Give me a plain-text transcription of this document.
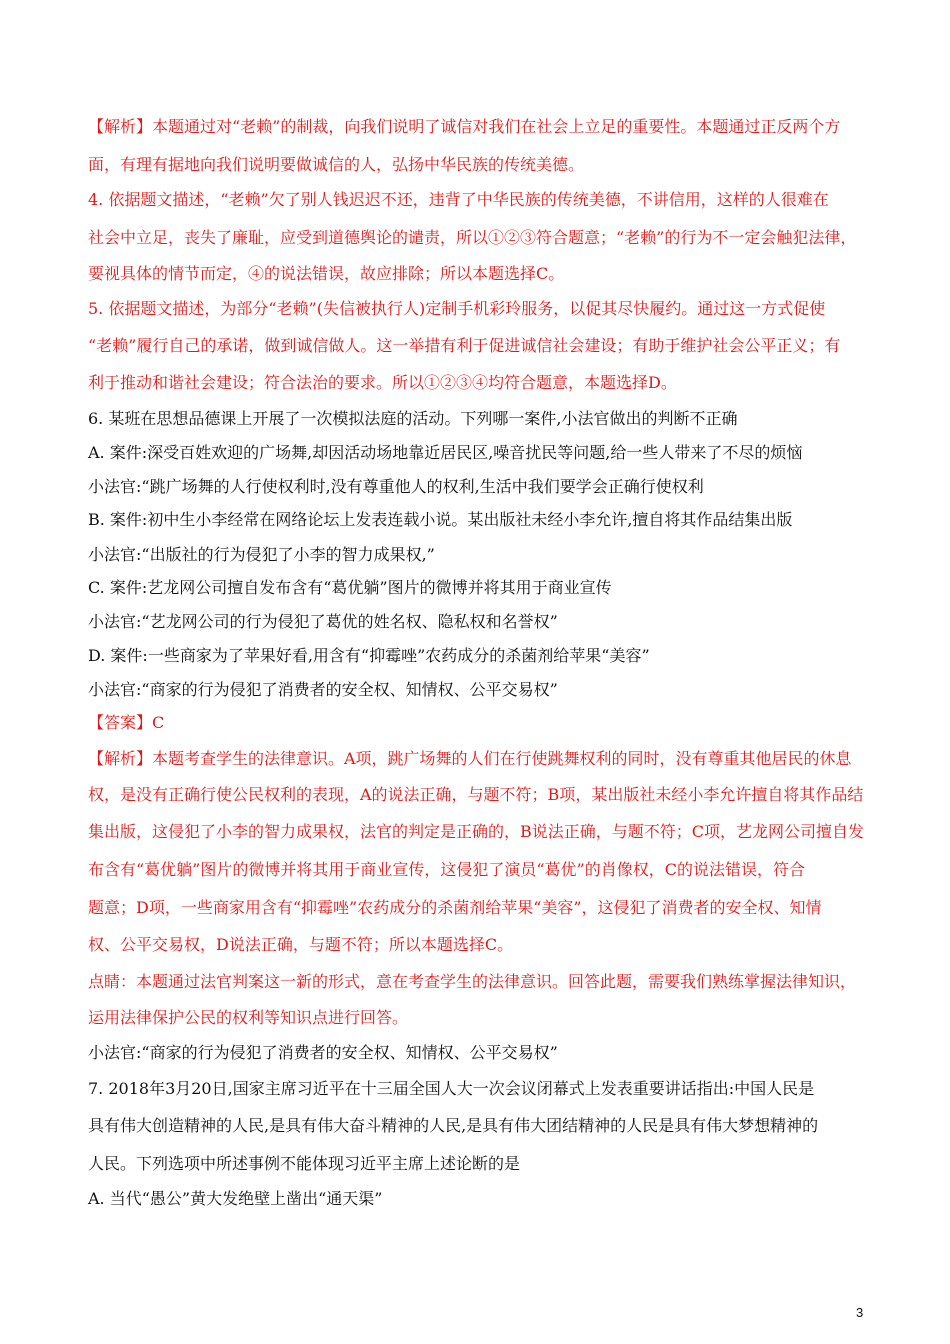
【解析】本题通过对“老赖”的制裁，向我们说明了诚信对我们在社会上立足的重要性。本题通过正反两个方
面，有理有据地向我们说明要做诚信的人，弘扬中华民族的传统美德。
4. 依据题文描述，“老赖”欠了别人钱迟迟不还，违背了中华民族的传统美德，不讲信用，这样的人很难在
社会中立足，丧失了廉耻，应受到道德舆论的谴责，所以①②③符合题意；“老赖”的行为不一定会触犯法律，
要视具体的情节而定，④的说法错误，故应排除；所以本题选择C。
5. 依据题文描述，为部分“老赖”(失信被执行人)定制手机彩玲服务，以促其尽快履约。通过这一方式促使
“老赖”履行自己的承诺，做到诚信做人。这一举措有利于促进诚信社会建设；有助于维护社会公平正义；有
利于推动和谐社会建设；符合法治的要求。所以①②③④均符合题意，本题选择D。
6. 某班在思想品德课上开展了一次模拟法庭的活动。下列哪一案件,小法官做出的判断不正确
A. 案件:深受百姓欢迎的广场舞,却因活动场地靠近居民区,噪音扰民等问题,给一些人带来了不尽的烦恼
小法官:“跳广场舞的人行使权利时,没有尊重他人的权利,生活中我们要学会正确行使权利
B. 案件:初中生小李经常在网络论坛上发表连载小说。某出版社未经小李允许,擅自将其作品结集出版
小法官:“出版社的行为侵犯了小李的智力成果权,”
C. 案件:艺龙网公司擅自发布含有“葛优躺”图片的微博并将其用于商业宣传
小法官:“艺龙网公司的行为侵犯了葛优的姓名权、隐私权和名誉权”
D. 案件:一些商家为了苹果好看,用含有“抑霉唑”农药成分的杀菌剂给苹果“美容”
小法官:“商家的行为侵犯了消费者的安全权、知情权、公平交易权”
【答案】C
【解析】本题考查学生的法律意识。A项，跳广场舞的人们在行使跳舞权利的同时，没有尊重其他居民的休息
权，是没有正确行使公民权利的表现，A的说法正确，与题不符；B项，某出版社未经小李允许擅自将其作品结
集出版，这侵犯了小李的智力成果权，法官的判定是正确的，B说法正确，与题不符；C项，艺龙网公司擅自发
布含有“葛优躺”图片的微博并将其用于商业宣传，这侵犯了演员“葛优”的肖像权，C的说法错误，符合
题意；D项，一些商家用含有“抑霉唑”农药成分的杀菌剂给苹果“美容”，这侵犯了消费者的安全权、知情
权、公平交易权，D说法正确，与题不符；所以本题选择C。
点睛：本题通过法官判案这一新的形式，意在考查学生的法律意识。回答此题，需要我们熟练掌握法律知识，
运用法律保护公民的权利等知识点进行回答。
小法官:“商家的行为侵犯了消费者的安全权、知情权、公平交易权”
7. 2018年3月20日,国家主席习近平在十三届全国人大一次会议闭幕式上发表重要讲话指出:中国人民是
具有伟大创造精神的人民,是具有伟大奋斗精神的人民,是具有伟大团结精神的人民是具有伟大梦想精神的
人民。下列选项中所述事例不能体现习近平主席上述论断的是
A. 当代“愚公”黄大发绝壁上凿出“通天渠”
3
